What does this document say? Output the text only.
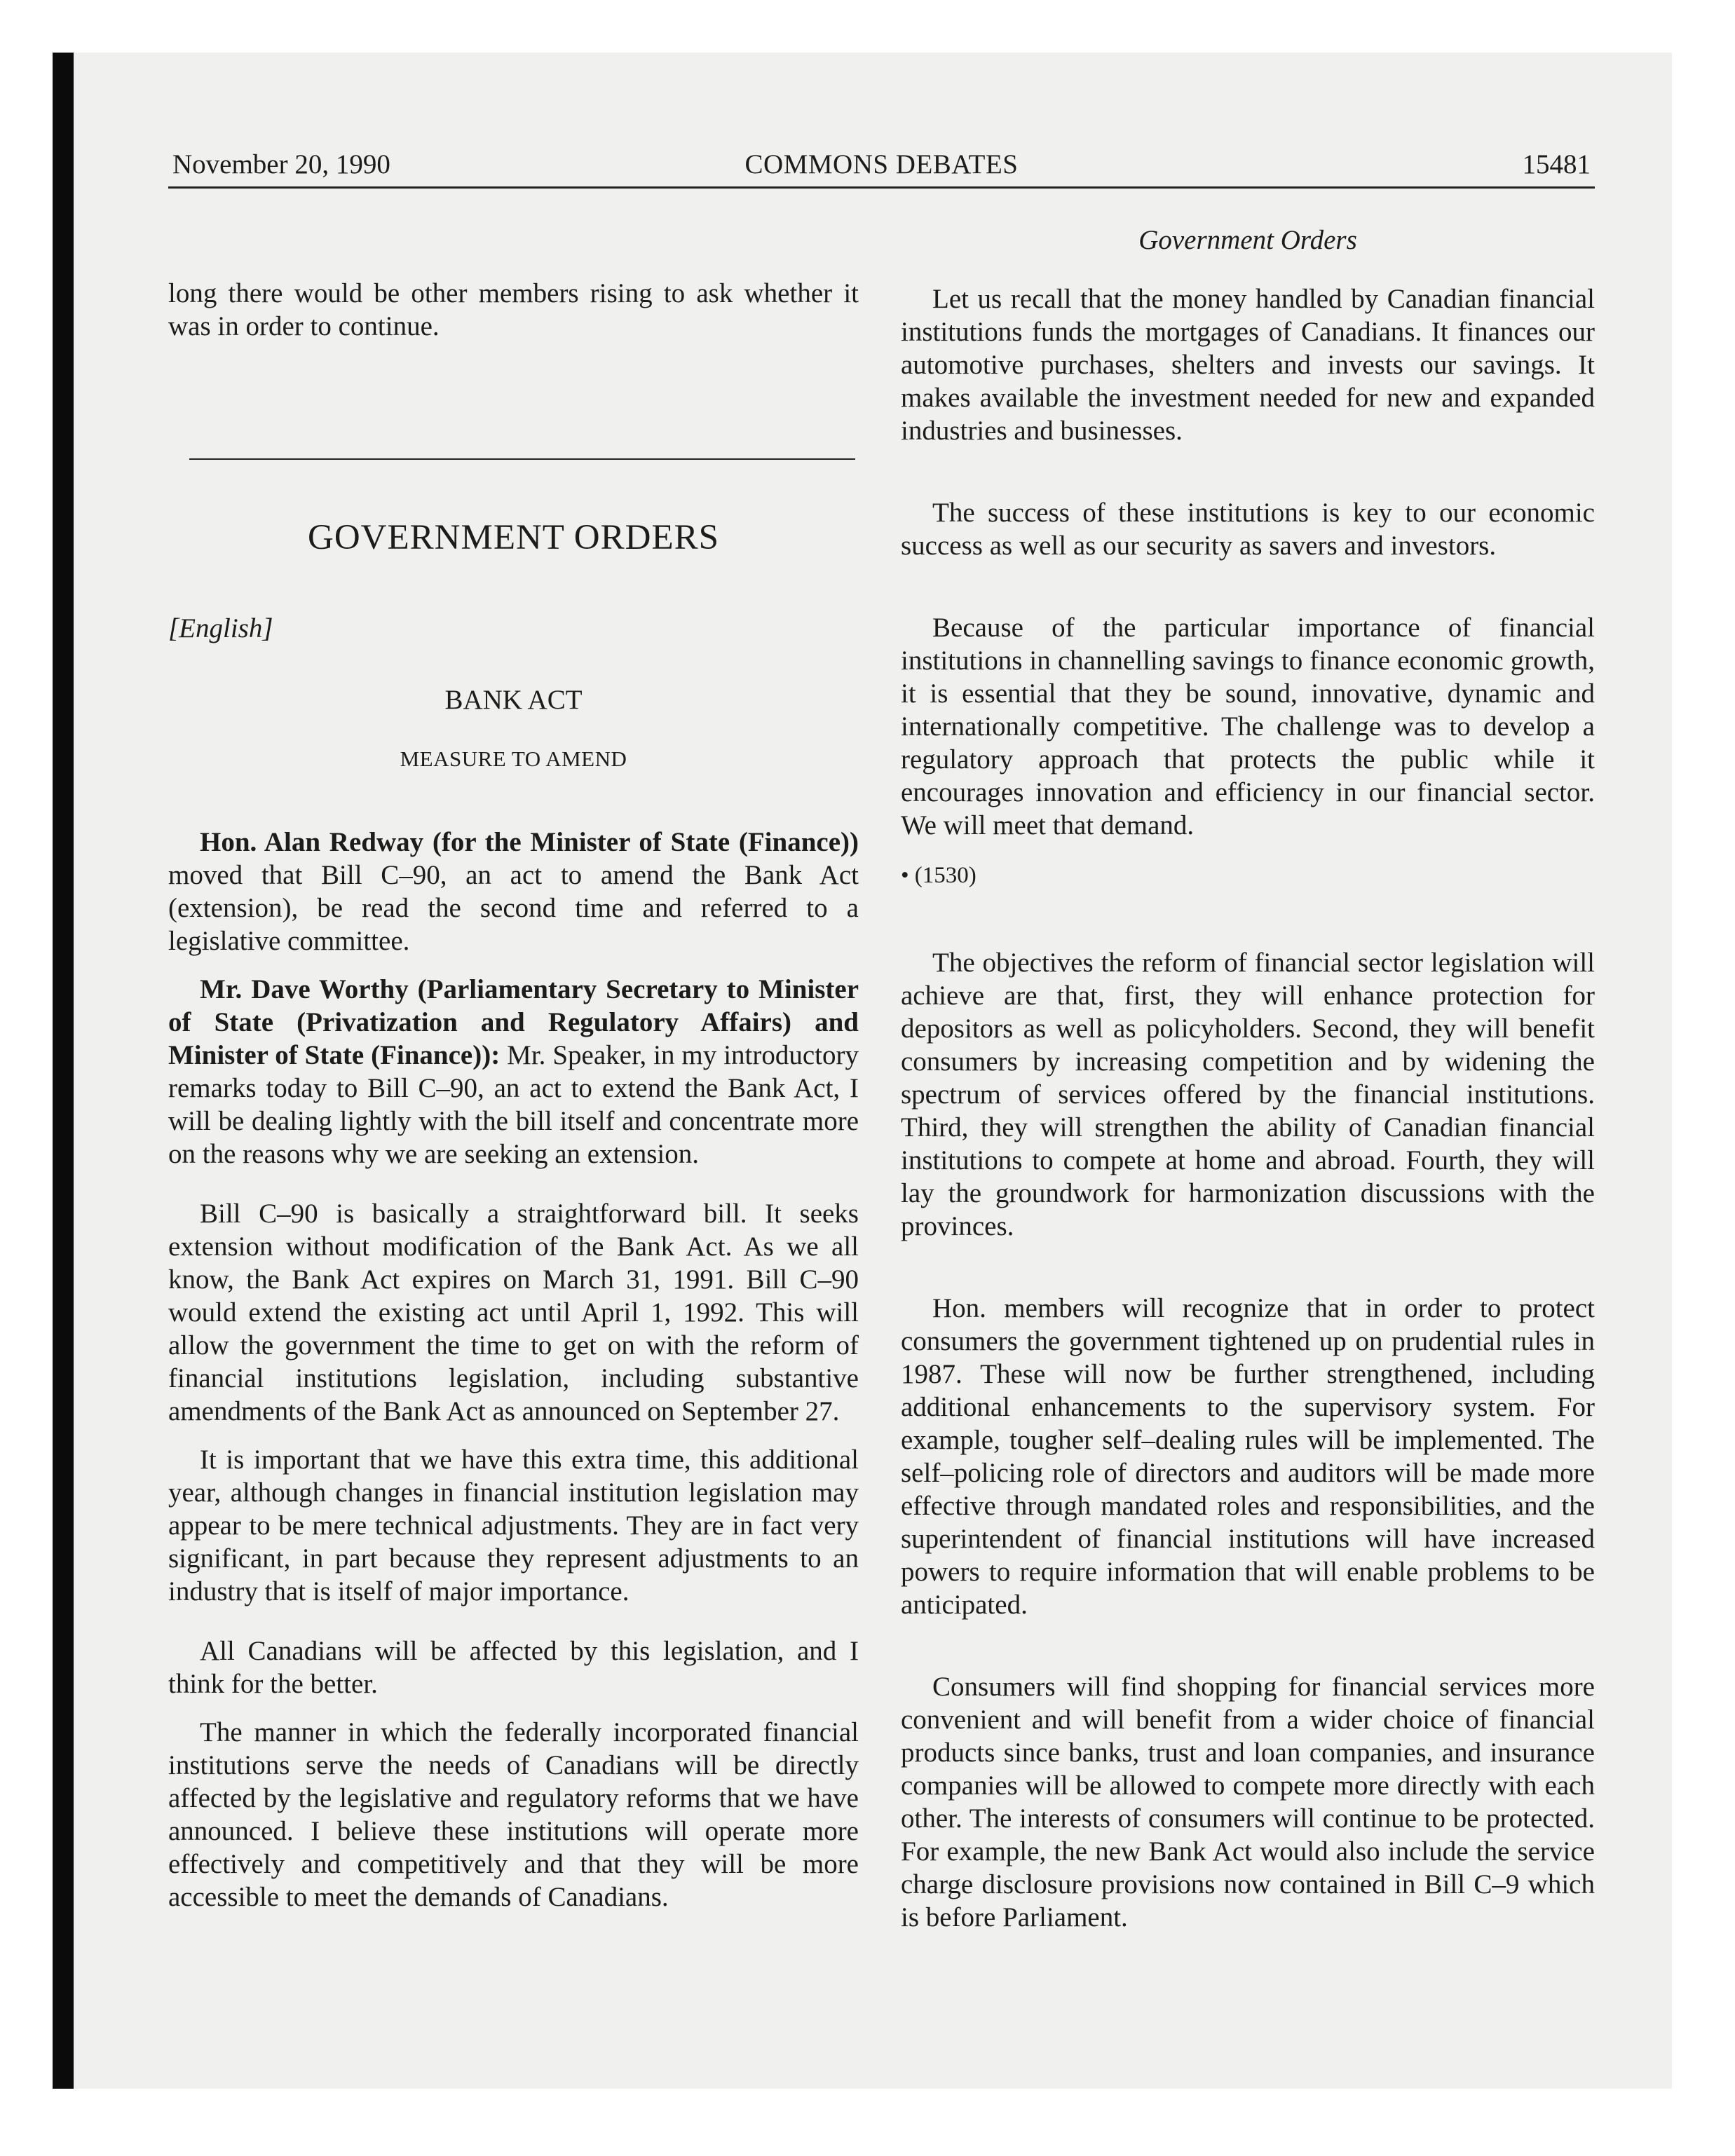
November 20, 1990	COMMONS DEBATES	15481

long there would be other members rising to ask whether it was in order to continue.

GOVERNMENT ORDERS
[English]
BANK ACT
MEASURE TO AMEND

Hon. Alan Redway (for the Minister of State (Finance)) moved that Bill C–90, an act to amend the Bank Act (extension), be read the second time and referred to a legislative committee.

Mr. Dave Worthy (Parliamentary Secretary to Minister of State (Privatization and Regulatory Affairs) and Minister of State (Finance)): Mr. Speaker, in my introductory remarks today to Bill C–90, an act to extend the Bank Act, I will be dealing lightly with the bill itself and concentrate more on the reasons why we are seeking an extension.

Bill C–90 is basically a straightforward bill. It seeks extension without modification of the Bank Act. As we all know, the Bank Act expires on March 31, 1991. Bill C–90 would extend the existing act until April 1, 1992. This will allow the government the time to get on with the reform of financial institutions legislation, including substantive amendments of the Bank Act as announced on September 27.

It is important that we have this extra time, this additional year, although changes in financial institution legislation may appear to be mere technical adjustments. They are in fact very significant, in part because they represent adjustments to an industry that is itself of major importance.

All Canadians will be affected by this legislation, and I think for the better.

The manner in which the federally incorporated financial institutions serve the needs of Canadians will be directly affected by the legislative and regulatory reforms that we have announced. I believe these institutions will operate more effectively and competitively and that they will be more accessible to meet the demands of Canadians.

Government Orders

Let us recall that the money handled by Canadian financial institutions funds the mortgages of Canadians. It finances our automotive purchases, shelters and invests our savings. It makes available the investment needed for new and expanded industries and businesses.

The success of these institutions is key to our economic success as well as our security as savers and investors.

Because of the particular importance of financial institutions in channelling savings to finance economic growth, it is essential that they be sound, innovative, dynamic and internationally competitive. The challenge was to develop a regulatory approach that protects the public while it encourages innovation and efficiency in our financial sector. We will meet that demand.

• (1530)

The objectives the reform of financial sector legislation will achieve are that, first, they will enhance protection for depositors as well as policyholders. Second, they will benefit consumers by increasing competition and by widening the spectrum of services offered by the financial institutions. Third, they will strengthen the ability of Canadian financial institutions to compete at home and abroad. Fourth, they will lay the groundwork for harmonization discussions with the provinces.

Hon. members will recognize that in order to protect consumers the government tightened up on prudential rules in 1987. These will now be further strengthened, including additional enhancements to the supervisory system. For example, tougher self–dealing rules will be implemented. The self–policing role of directors and auditors will be made more effective through mandated roles and responsibilities, and the superintendent of financial institutions will have increased powers to require information that will enable problems to be anticipated.

Consumers will find shopping for financial services more convenient and will benefit from a wider choice of financial products since banks, trust and loan companies, and insurance companies will be allowed to compete more directly with each other. The interests of consumers will continue to be protected. For example, the new Bank Act would also include the service charge disclosure provisions now contained in Bill C–9 which is before Parliament.
